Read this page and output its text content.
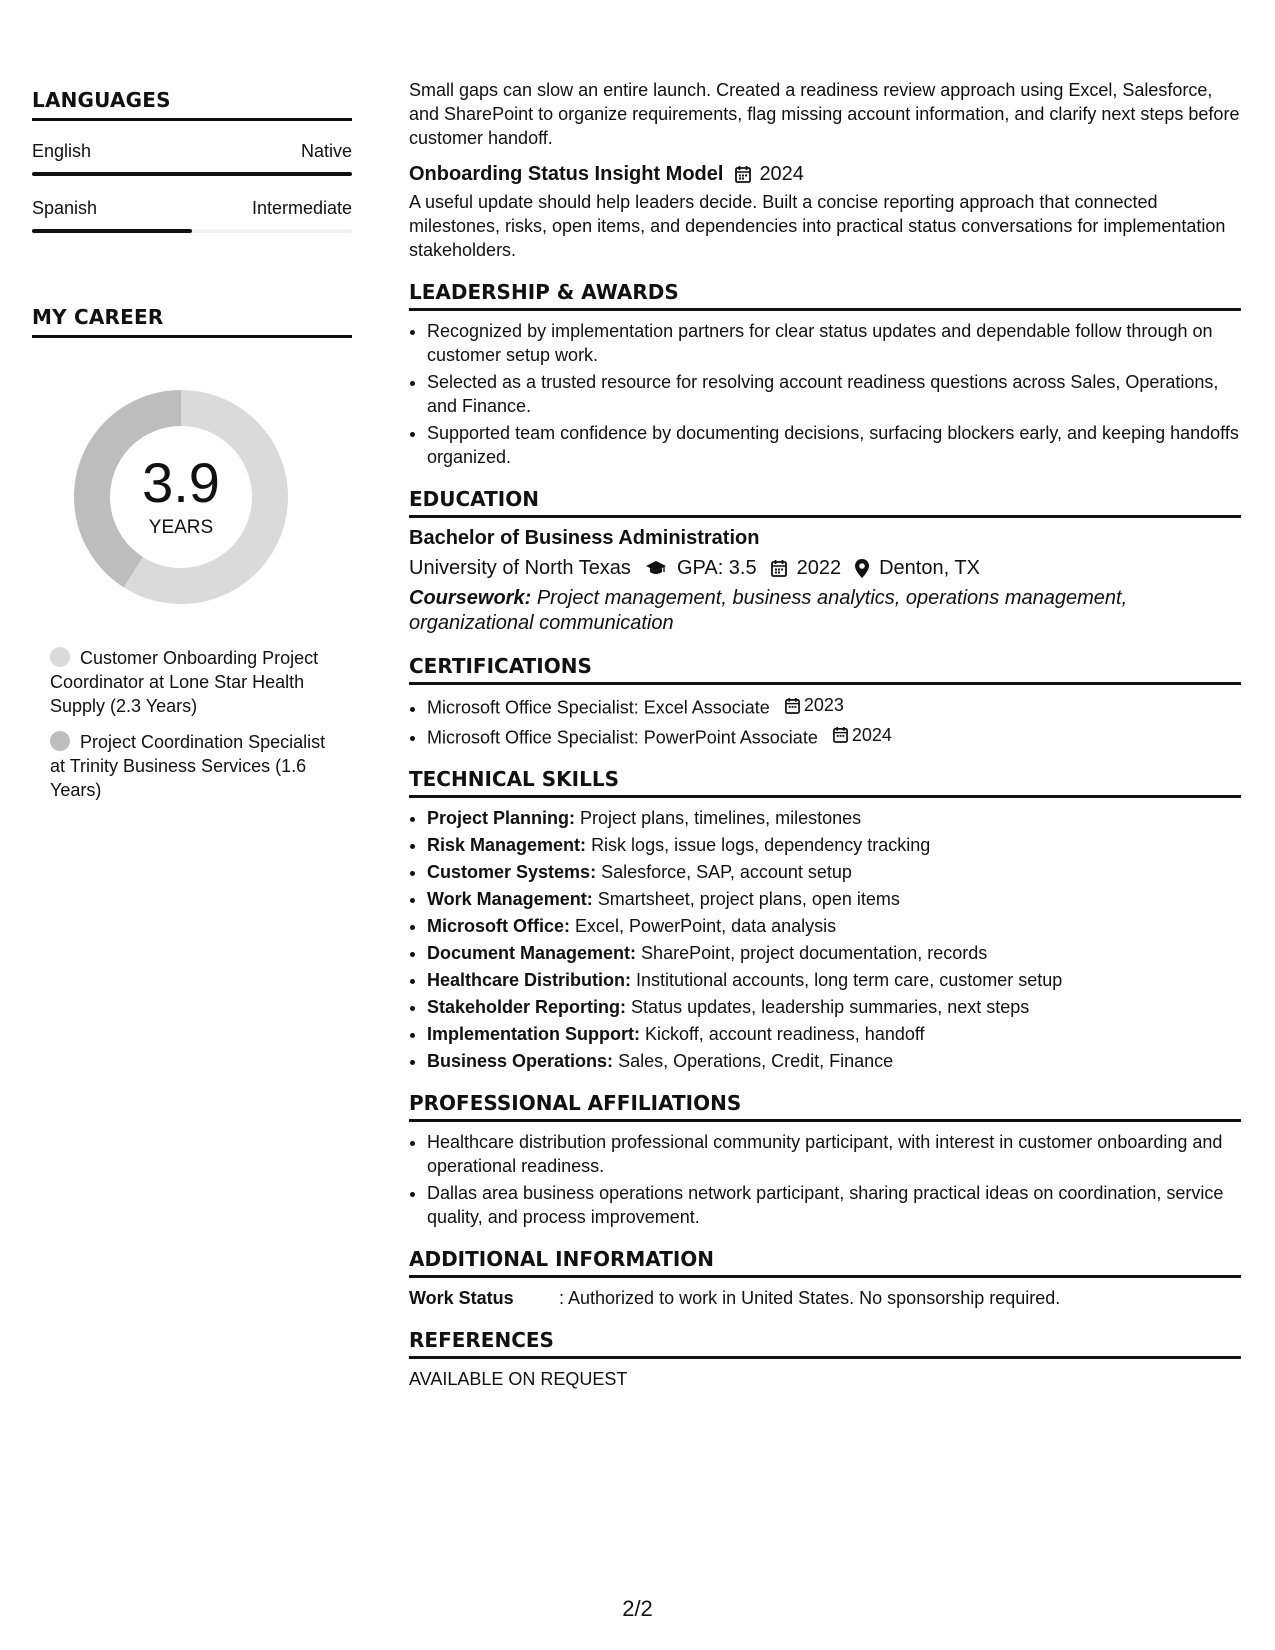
LANGUAGES
English	Native
Spanish	Intermediate
MY CAREER
3.9
YEARS
Customer Onboarding Project Coordinator at Lone Star Health Supply (2.3 Years)
Project Coordination Specialist at Trinity Business Services (1.6 Years)

Small gaps can slow an entire launch. Created a readiness review approach using Excel, Salesforce, and SharePoint to organize requirements, flag missing account information, and clarify next steps before customer handoff.

Onboarding Status Insight Model 2024

A useful update should help leaders decide. Built a concise reporting approach that connected milestones, risks, open items, and dependencies into practical status conversations for implementation stakeholders.

LEADERSHIP & AWARDS
• Recognized by implementation partners for clear status updates and dependable follow through on customer setup work.
• Selected as a trusted resource for resolving account readiness questions across Sales, Operations, and Finance.
• Supported team confidence by documenting decisions, surfacing blockers early, and keeping handoffs organized.
EDUCATION
Bachelor of Business Administration
University of North Texas GPA: 3.5 2022 Denton, TX
Coursework: Project management, business analytics, operations management, organizational communication
CERTIFICATIONS
• Microsoft Office Specialist: Excel Associate 2023
• Microsoft Office Specialist: PowerPoint Associate 2024
TECHNICAL SKILLS
• Project Planning: Project plans, timelines, milestones
• Risk Management: Risk logs, issue logs, dependency tracking
• Customer Systems: Salesforce, SAP, account setup
• Work Management: Smartsheet, project plans, open items
• Microsoft Office: Excel, PowerPoint, data analysis
• Document Management: SharePoint, project documentation, records
• Healthcare Distribution: Institutional accounts, long term care, customer setup
• Stakeholder Reporting: Status updates, leadership summaries, next steps
• Implementation Support: Kickoff, account readiness, handoff
• Business Operations: Sales, Operations, Credit, Finance
PROFESSIONAL AFFILIATIONS
• Healthcare distribution professional community participant, with interest in customer onboarding and operational readiness.
• Dallas area business operations network participant, sharing practical ideas on coordination, service quality, and process improvement.
ADDITIONAL INFORMATION
Work Status	: Authorized to work in United States. No sponsorship required.
REFERENCES
AVAILABLE ON REQUEST
2/2
